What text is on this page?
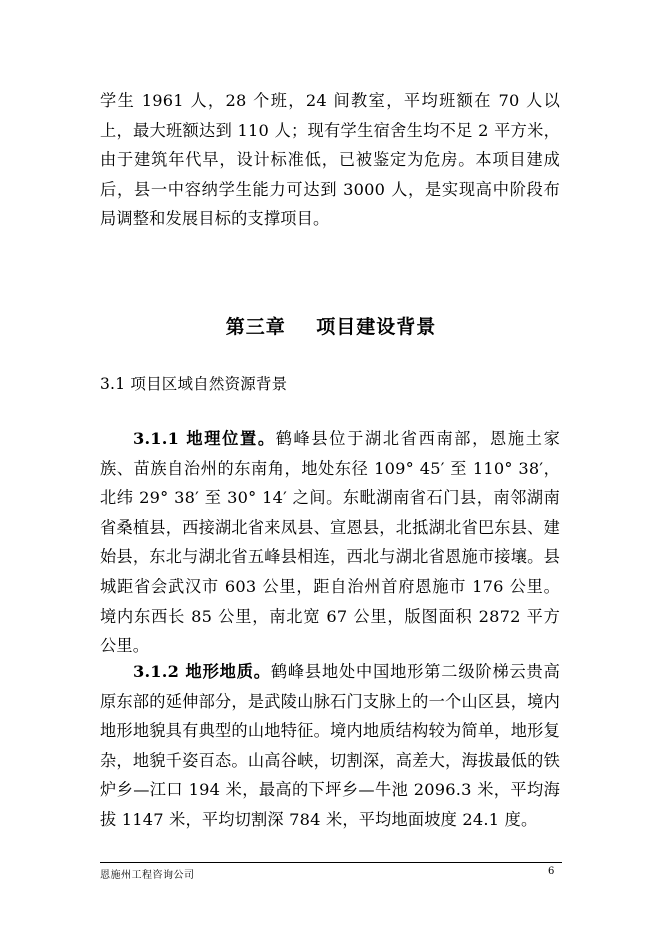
学生 1961 人，28 个班，24 间教室，平均班额在 70 人以上，最大班额达到 110 人；现有学生宿舍生均不足 2 平方米，由于建筑年代早，设计标准低，已被鉴定为危房。本项目建成后，县一中容纳学生能力可达到 3000 人，是实现高中阶段布局调整和发展目标的支撑项目。

第三章    项目建设背景
3.1 项目区域自然资源背景

3.1.1 地理位置。鹤峰县位于湖北省西南部，恩施土家族、苗族自治州的东南角，地处东径 109° 45′ 至 110° 38′，北纬 29° 38′ 至 30° 14′ 之间。东毗湖南省石门县，南邻湖南省桑植县，西接湖北省来凤县、宣恩县，北抵湖北省巴东县、建始县，东北与湖北省五峰县相连，西北与湖北省恩施市接壤。县城距省会武汉市 603 公里，距自治州首府恩施市 176 公里。境内东西长 85 公里，南北宽 67 公里，版图面积 2872 平方公里。

3.1.2 地形地质。鹤峰县地处中国地形第二级阶梯云贵高原东部的延伸部分，是武陵山脉石门支脉上的一个山区县，境内地形地貌具有典型的山地特征。境内地质结构较为简单，地形复杂，地貌千姿百态。山高谷峡，切割深，高差大，海拔最低的铁炉乡—江口 194 米，最高的下坪乡—牛池 2096.3 米，平均海拔 1147 米，平均切割深 784 米，平均地面坡度 24.1 度。

恩施州工程咨询公司	6
